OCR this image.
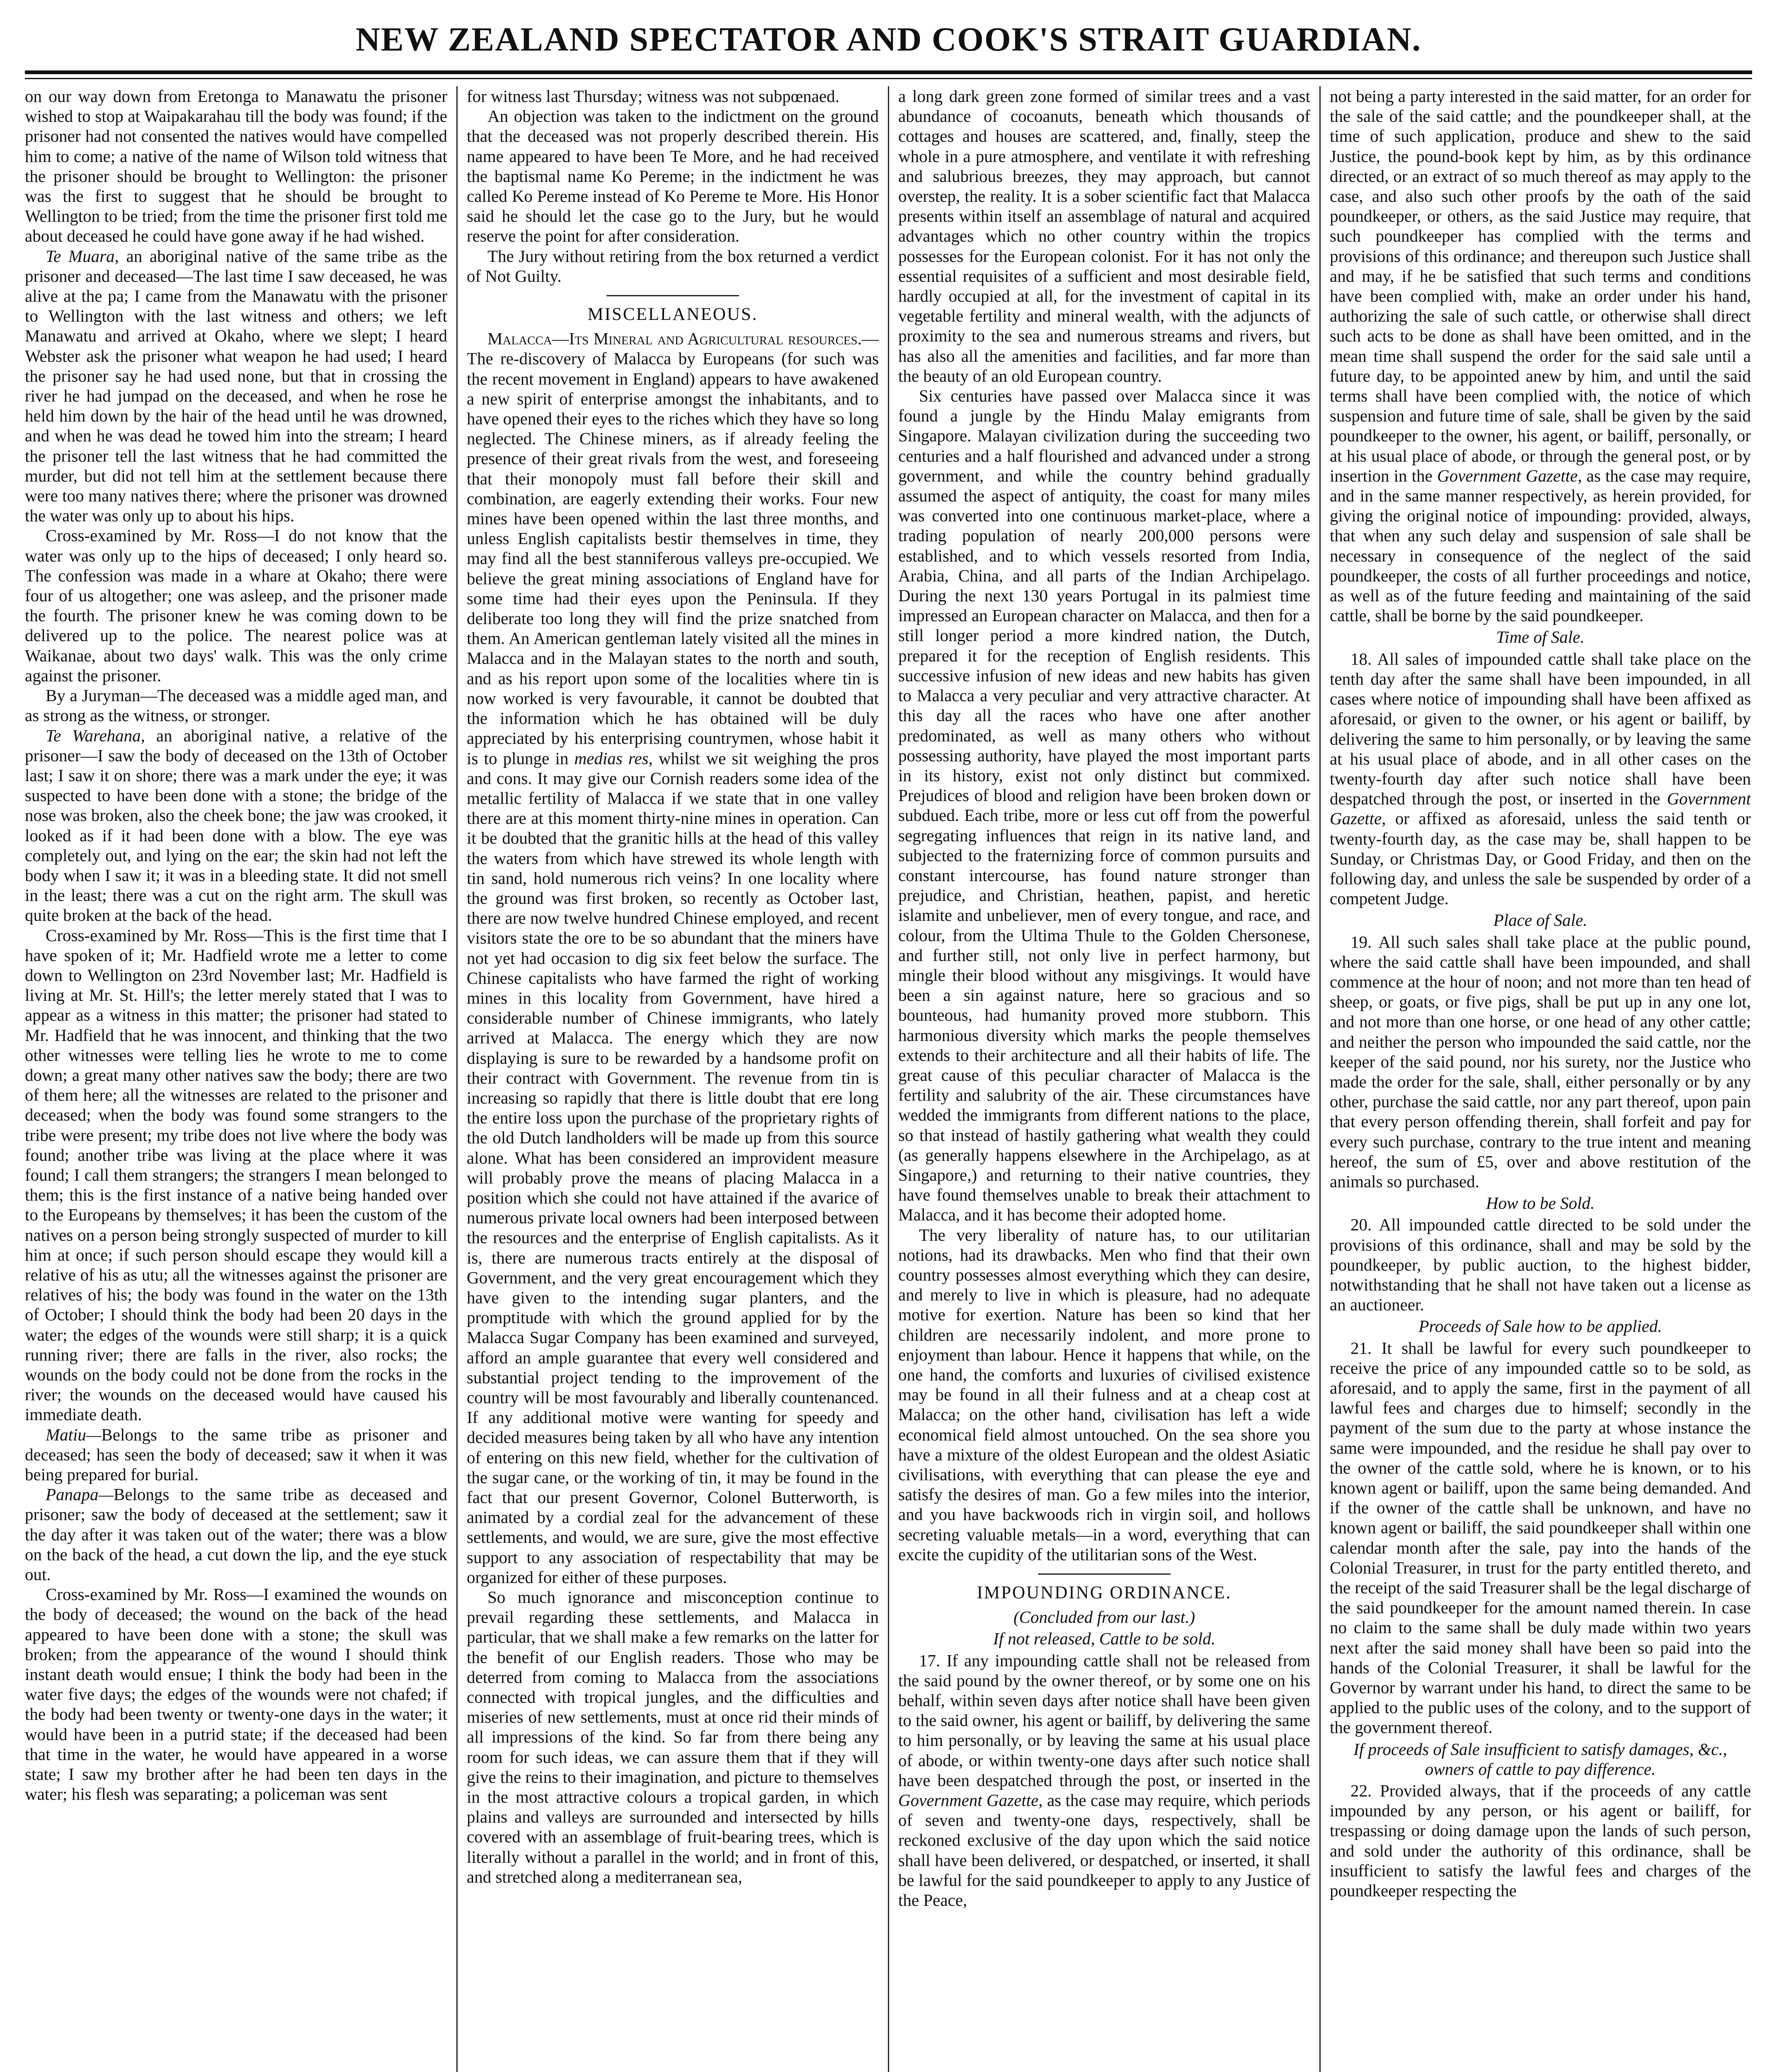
NEW ZEALAND SPECTATOR AND COOK'S STRAIT GUARDIAN.

on our way down from Eretonga to Manawatu the prisoner wished to stop at Waipakarahau till the body was found; if the prisoner had not consented the natives would have compelled him to come; a native of the name of Wilson told witness that the prisoner should be brought to Wellington: the prisoner was the first to suggest that he should be brought to Wellington to be tried; from the time the prisoner first told me about deceased he could have gone away if he had wished.

Te Muara, an aboriginal native of the same tribe as the prisoner and deceased—The last time I saw deceased, he was alive at the pa; I came from the Manawatu with the prisoner to Wellington with the last witness and others; we left Manawatu and arrived at Okaho, where we slept; I heard Webster ask the prisoner what weapon he had used; I heard the prisoner say he had used none, but that in crossing the river he had jumpad on the deceased, and when he rose he held him down by the hair of the head until he was drowned, and when he was dead he towed him into the stream; I heard the prisoner tell the last witness that he had committed the murder, but did not tell him at the settlement because there were too many natives there; where the prisoner was drowned the water was only up to about his hips.

Cross-examined by Mr. Ross—I do not know that the water was only up to the hips of deceased; I only heard so. The confession was made in a whare at Okaho; there were four of us altogether; one was asleep, and the prisoner made the fourth. The prisoner knew he was coming down to be delivered up to the police. The nearest police was at Waikanae, about two days' walk. This was the only crime against the prisoner.

By a Juryman—The deceased was a middle aged man, and as strong as the witness, or stronger.

Te Warehana, an aboriginal native, a relative of the prisoner—I saw the body of deceased on the 13th of October last; I saw it on shore; there was a mark under the eye; it was suspected to have been done with a stone; the bridge of the nose was broken, also the cheek bone; the jaw was crooked, it looked as if it had been done with a blow. The eye was completely out, and lying on the ear; the skin had not left the body when I saw it; it was in a bleeding state. It did not smell in the least; there was a cut on the right arm. The skull was quite broken at the back of the head.

Cross-examined by Mr. Ross—This is the first time that I have spoken of it; Mr. Hadfield wrote me a letter to come down to Wellington on 23rd November last; Mr. Hadfield is living at Mr. St. Hill's; the letter merely stated that I was to appear as a witness in this matter; the prisoner had stated to Mr. Hadfield that he was innocent, and thinking that the two other witnesses were telling lies he wrote to me to come down; a great many other natives saw the body; there are two of them here; all the witnesses are related to the prisoner and deceased; when the body was found some strangers to the tribe were present; my tribe does not live where the body was found; another tribe was living at the place where it was found; I call them strangers; the strangers I mean belonged to them; this is the first instance of a native being handed over to the Europeans by themselves; it has been the custom of the natives on a person being strongly suspected of murder to kill him at once; if such person should escape they would kill a relative of his as utu; all the witnesses against the prisoner are relatives of his; the body was found in the water on the 13th of October; I should think the body had been 20 days in the water; the edges of the wounds were still sharp; it is a quick running river; there are falls in the river, also rocks; the wounds on the body could not be done from the rocks in the river; the wounds on the deceased would have caused his immediate death.

Matiu—Belongs to the same tribe as prisoner and deceased; has seen the body of deceased; saw it when it was being prepared for burial.

Panapa—Belongs to the same tribe as deceased and prisoner; saw the body of deceased at the settlement; saw it the day after it was taken out of the water; there was a blow on the back of the head, a cut down the lip, and the eye stuck out.

Cross-examined by Mr. Ross—I examined the wounds on the body of deceased; the wound on the back of the head appeared to have been done with a stone; the skull was broken; from the appearance of the wound I should think instant death would ensue; I think the body had been in the water five days; the edges of the wounds were not chafed; if the body had been twenty or twenty-one days in the water; it would have been in a putrid state; if the deceased had been that time in the water, he would have appeared in a worse state; I saw my brother after he had been ten days in the water; his flesh was separating; a policeman was sent

for witness last Thursday; witness was not subpœnaed.

An objection was taken to the indictment on the ground that the deceased was not properly described therein. His name appeared to have been Te More, and he had received the baptismal name Ko Pereme; in the indictment he was called Ko Pereme instead of Ko Pereme te More. His Honor said he should let the case go to the Jury, but he would reserve the point for after consideration.

The Jury without retiring from the box returned a verdict of Not Guilty.

MISCELLANEOUS.

Malacca—Its Mineral and Agricultural resources.—The re-discovery of Malacca by Europeans (for such was the recent movement in England) appears to have awakened a new spirit of enterprise amongst the inhabitants, and to have opened their eyes to the riches which they have so long neglected. The Chinese miners, as if already feeling the presence of their great rivals from the west, and foreseeing that their monopoly must fall before their skill and combination, are eagerly extending their works. Four new mines have been opened within the last three months, and unless English capitalists bestir themselves in time, they may find all the best stanniferous valleys pre-occupied. We believe the great mining associations of England have for some time had their eyes upon the Peninsula. If they deliberate too long they will find the prize snatched from them. An American gentleman lately visited all the mines in Malacca and in the Malayan states to the north and south, and as his report upon some of the localities where tin is now worked is very favourable, it cannot be doubted that the information which he has obtained will be duly appreciated by his enterprising countrymen, whose habit it is to plunge in medias res, whilst we sit weighing the pros and cons. It may give our Cornish readers some idea of the metallic fertility of Malacca if we state that in one valley there are at this moment thirty-nine mines in operation. Can it be doubted that the granitic hills at the head of this valley the waters from which have strewed its whole length with tin sand, hold numerous rich veins? In one locality where the ground was first broken, so recently as October last, there are now twelve hundred Chinese employed, and recent visitors state the ore to be so abundant that the miners have not yet had occasion to dig six feet below the surface. The Chinese capitalists who have farmed the right of working mines in this locality from Government, have hired a considerable number of Chinese immigrants, who lately arrived at Malacca. The energy which they are now displaying is sure to be rewarded by a handsome profit on their contract with Government. The revenue from tin is increasing so rapidly that there is little doubt that ere long the entire loss upon the purchase of the proprietary rights of the old Dutch landholders will be made up from this source alone. What has been considered an improvident measure will probably prove the means of placing Malacca in a position which she could not have attained if the avarice of numerous private local owners had been interposed between the resources and the enterprise of English capitalists. As it is, there are numerous tracts entirely at the disposal of Government, and the very great encouragement which they have given to the intending sugar planters, and the promptitude with which the ground applied for by the Malacca Sugar Company has been examined and surveyed, afford an ample guarantee that every well considered and substantial project tending to the improvement of the country will be most favourably and liberally countenanced. If any additional motive were wanting for speedy and decided measures being taken by all who have any intention of entering on this new field, whether for the cultivation of the sugar cane, or the working of tin, it may be found in the fact that our present Governor, Colonel Butterworth, is animated by a cordial zeal for the advancement of these settlements, and would, we are sure, give the most effective support to any association of respectability that may be organized for either of these purposes.

So much ignorance and misconception continue to prevail regarding these settlements, and Malacca in particular, that we shall make a few remarks on the latter for the benefit of our English readers. Those who may be deterred from coming to Malacca from the associations connected with tropical jungles, and the difficulties and miseries of new settlements, must at once rid their minds of all impressions of the kind. So far from there being any room for such ideas, we can assure them that if they will give the reins to their imagination, and picture to themselves in the most attractive colours a tropical garden, in which plains and valleys are surrounded and intersected by hills covered with an assemblage of fruit-bearing trees, which is literally without a parallel in the world; and in front of this, and stretched along a mediterranean sea,

a long dark green zone formed of similar trees and a vast abundance of cocoanuts, beneath which thousands of cottages and houses are scattered, and, finally, steep the whole in a pure atmosphere, and ventilate it with refreshing and salubrious breezes, they may approach, but cannot overstep, the reality. It is a sober scientific fact that Malacca presents within itself an assemblage of natural and acquired advantages which no other country within the tropics possesses for the European colonist. For it has not only the essential requisites of a sufficient and most desirable field, hardly occupied at all, for the investment of capital in its vegetable fertility and mineral wealth, with the adjuncts of proximity to the sea and numerous streams and rivers, but has also all the amenities and facilities, and far more than the beauty of an old European country.

Six centuries have passed over Malacca since it was found a jungle by the Hindu Malay emigrants from Singapore. Malayan civilization during the succeeding two centuries and a half flourished and advanced under a strong government, and while the country behind gradually assumed the aspect of antiquity, the coast for many miles was converted into one continuous market-place, where a trading population of nearly 200,000 persons were established, and to which vessels resorted from India, Arabia, China, and all parts of the Indian Archipelago. During the next 130 years Portugal in its palmiest time impressed an European character on Malacca, and then for a still longer period a more kindred nation, the Dutch, prepared it for the reception of English residents. This successive infusion of new ideas and new habits has given to Malacca a very peculiar and very attractive character. At this day all the races who have one after another predominated, as well as many others who without possessing authority, have played the most important parts in its history, exist not only distinct but commixed. Prejudices of blood and religion have been broken down or subdued. Each tribe, more or less cut off from the powerful segregating influences that reign in its native land, and subjected to the fraternizing force of common pursuits and constant intercourse, has found nature stronger than prejudice, and Christian, heathen, papist, and heretic islamite and unbeliever, men of every tongue, and race, and colour, from the Ultima Thule to the Golden Chersonese, and further still, not only live in perfect harmony, but mingle their blood without any misgivings. It would have been a sin against nature, here so gracious and so bounteous, had humanity proved more stubborn. This harmonious diversity which marks the people themselves extends to their architecture and all their habits of life. The great cause of this peculiar character of Malacca is the fertility and salubrity of the air. These circumstances have wedded the immigrants from different nations to the place, so that instead of hastily gathering what wealth they could (as generally happens elsewhere in the Archipelago, as at Singapore,) and returning to their native countries, they have found themselves unable to break their attachment to Malacca, and it has become their adopted home.

The very liberality of nature has, to our utilitarian notions, had its drawbacks. Men who find that their own country possesses almost everything which they can desire, and merely to live in which is pleasure, had no adequate motive for exertion. Nature has been so kind that her children are necessarily indolent, and more prone to enjoyment than labour. Hence it happens that while, on the one hand, the comforts and luxuries of civilised existence may be found in all their fulness and at a cheap cost at Malacca; on the other hand, civilisation has left a wide economical field almost untouched. On the sea shore you have a mixture of the oldest European and the oldest Asiatic civilisations, with everything that can please the eye and satisfy the desires of man. Go a few miles into the interior, and you have backwoods rich in virgin soil, and hollows secreting valuable metals—in a word, everything that can excite the cupidity of the utilitarian sons of the West.

IMPOUNDING ORDINANCE.
(Concluded from our last.)
If not released, Cattle to be sold.

17. If any impounding cattle shall not be released from the said pound by the owner thereof, or by some one on his behalf, within seven days after notice shall have been given to the said owner, his agent or bailiff, by delivering the same to him personally, or by leaving the same at his usual place of abode, or within twenty-one days after such notice shall have been despatched through the post, or inserted in the Government Gazette, as the case may require, which periods of seven and twenty-one days, respectively, shall be reckoned exclusive of the day upon which the said notice shall have been delivered, or despatched, or inserted, it shall be lawful for the said poundkeeper to apply to any Justice of the Peace,

not being a party interested in the said matter, for an order for the sale of the said cattle; and the poundkeeper shall, at the time of such application, produce and shew to the said Justice, the pound-book kept by him, as by this ordinance directed, or an extract of so much thereof as may apply to the case, and also such other proofs by the oath of the said poundkeeper, or others, as the said Justice may require, that such poundkeeper has complied with the terms and provisions of this ordinance; and thereupon such Justice shall and may, if he be satisfied that such terms and conditions have been complied with, make an order under his hand, authorizing the sale of such cattle, or otherwise shall direct such acts to be done as shall have been omitted, and in the mean time shall suspend the order for the said sale until a future day, to be appointed anew by him, and until the said terms shall have been complied with, the notice of which suspension and future time of sale, shall be given by the said poundkeeper to the owner, his agent, or bailiff, personally, or at his usual place of abode, or through the general post, or by insertion in the Government Gazette, as the case may require, and in the same manner respectively, as herein provided, for giving the original notice of impounding: provided, always, that when any such delay and suspension of sale shall be necessary in consequence of the neglect of the said poundkeeper, the costs of all further proceedings and notice, as well as of the future feeding and maintaining of the said cattle, shall be borne by the said poundkeeper.

Time of Sale.

18. All sales of impounded cattle shall take place on the tenth day after the same shall have been impounded, in all cases where notice of impounding shall have been affixed as aforesaid, or given to the owner, or his agent or bailiff, by delivering the same to him personally, or by leaving the same at his usual place of abode, and in all other cases on the twenty-fourth day after such notice shall have been despatched through the post, or inserted in the Government Gazette, or affixed as aforesaid, unless the said tenth or twenty-fourth day, as the case may be, shall happen to be Sunday, or Christmas Day, or Good Friday, and then on the following day, and unless the sale be suspended by order of a competent Judge.

Place of Sale.

19. All such sales shall take place at the public pound, where the said cattle shall have been impounded, and shall commence at the hour of noon; and not more than ten head of sheep, or goats, or five pigs, shall be put up in any one lot, and not more than one horse, or one head of any other cattle; and neither the person who impounded the said cattle, nor the keeper of the said pound, nor his surety, nor the Justice who made the order for the sale, shall, either personally or by any other, purchase the said cattle, nor any part thereof, upon pain that every person offending therein, shall forfeit and pay for every such purchase, contrary to the true intent and meaning hereof, the sum of £5, over and above restitution of the animals so purchased.

How to be Sold.

20. All impounded cattle directed to be sold under the provisions of this ordinance, shall and may be sold by the poundkeeper, by public auction, to the highest bidder, notwithstanding that he shall not have taken out a license as an auctioneer.

Proceeds of Sale how to be applied.

21. It shall be lawful for every such poundkeeper to receive the price of any impounded cattle so to be sold, as aforesaid, and to apply the same, first in the payment of all lawful fees and charges due to himself; secondly in the payment of the sum due to the party at whose instance the same were impounded, and the residue he shall pay over to the owner of the cattle sold, where he is known, or to his known agent or bailiff, upon the same being demanded. And if the owner of the cattle shall be unknown, and have no known agent or bailiff, the said poundkeeper shall within one calendar month after the sale, pay into the hands of the Colonial Treasurer, in trust for the party entitled thereto, and the receipt of the said Treasurer shall be the legal discharge of the said poundkeeper for the amount named therein. In case no claim to the same shall be duly made within two years next after the said money shall have been so paid into the hands of the Colonial Treasurer, it shall be lawful for the Governor by warrant under his hand, to direct the same to be applied to the public uses of the colony, and to the support of the government thereof.

If proceeds of Sale insufficient to satisfy damages, &c., owners of cattle to pay difference.

22. Provided always, that if the proceeds of any cattle impounded by any person, or his agent or bailiff, for trespassing or doing damage upon the lands of such person, and sold under the authority of this ordinance, shall be insufficient to satisfy the lawful fees and charges of the poundkeeper respecting the
